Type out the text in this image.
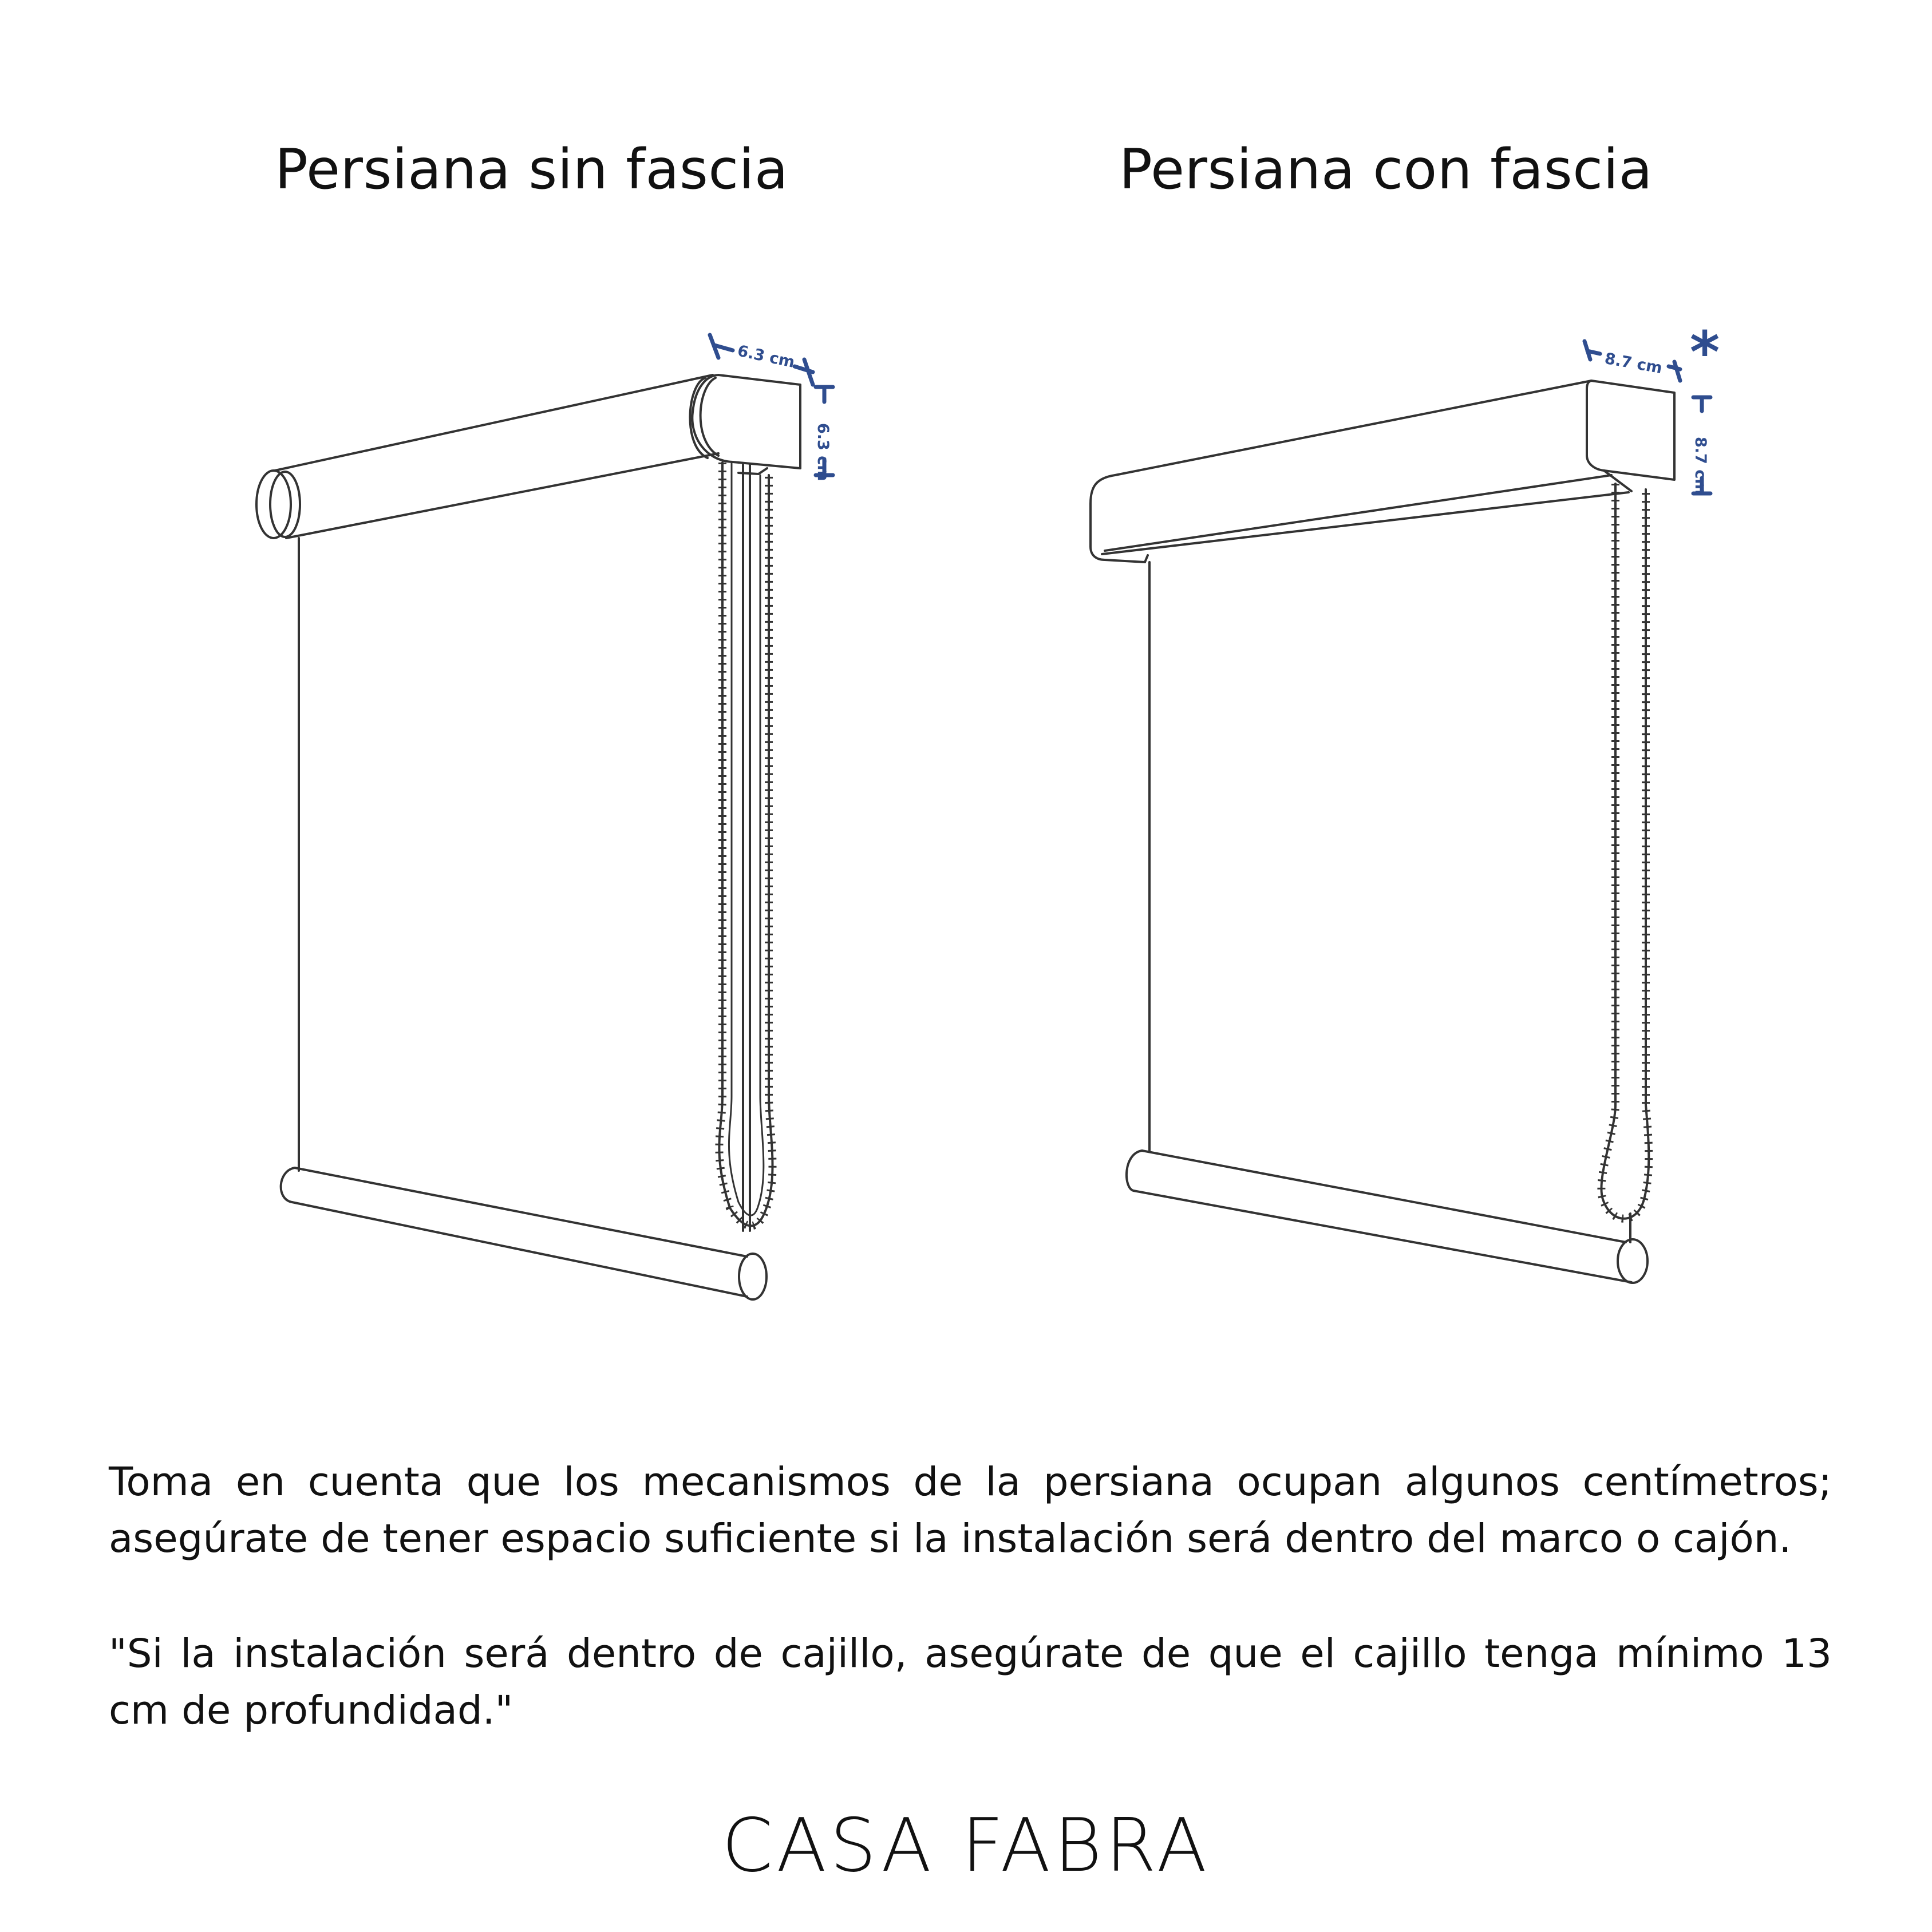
Persiana sin fascia	Persiana con fascia
6.3 cm
6.3 cm
8.7 cm
8.7 cm
*

Toma en cuenta que los mecanismos de la persiana ocupan algunos centímetros; asegúrate de tener espacio suficiente si la instalación será dentro del marco o cajón.

"Si la instalación será dentro de cajillo, asegúrate de que el cajillo tenga mínimo 13 cm de profundidad."

CASA FABRA
